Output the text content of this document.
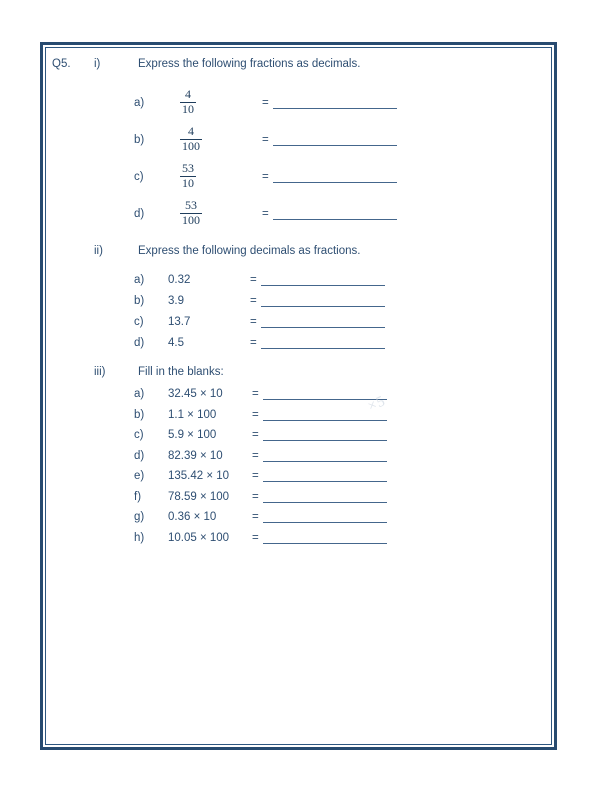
Q5.	i)	Express the following fractions as decimals.
a)	$\frac{4}{10}$	=
b)	$\frac{4}{100}$	=
c)	$\frac{53}{10}$	=
d)	$\frac{53}{100}$	=
ii)	Express the following decimals as fractions.
a)	0.32	=
b)	3.9	=
c)	13.7	=
d)	4.5	=
iii)	Fill in the blanks:
a)	32.45 × 10	=
b)	1.1 × 100	=
c)	5.9 × 100	=
d)	82.39 × 10	=
e)	135.42 × 10	=
f)	78.59 × 100	=
g)	0.36 × 10	=
h)	10.05 × 100	=
×5
